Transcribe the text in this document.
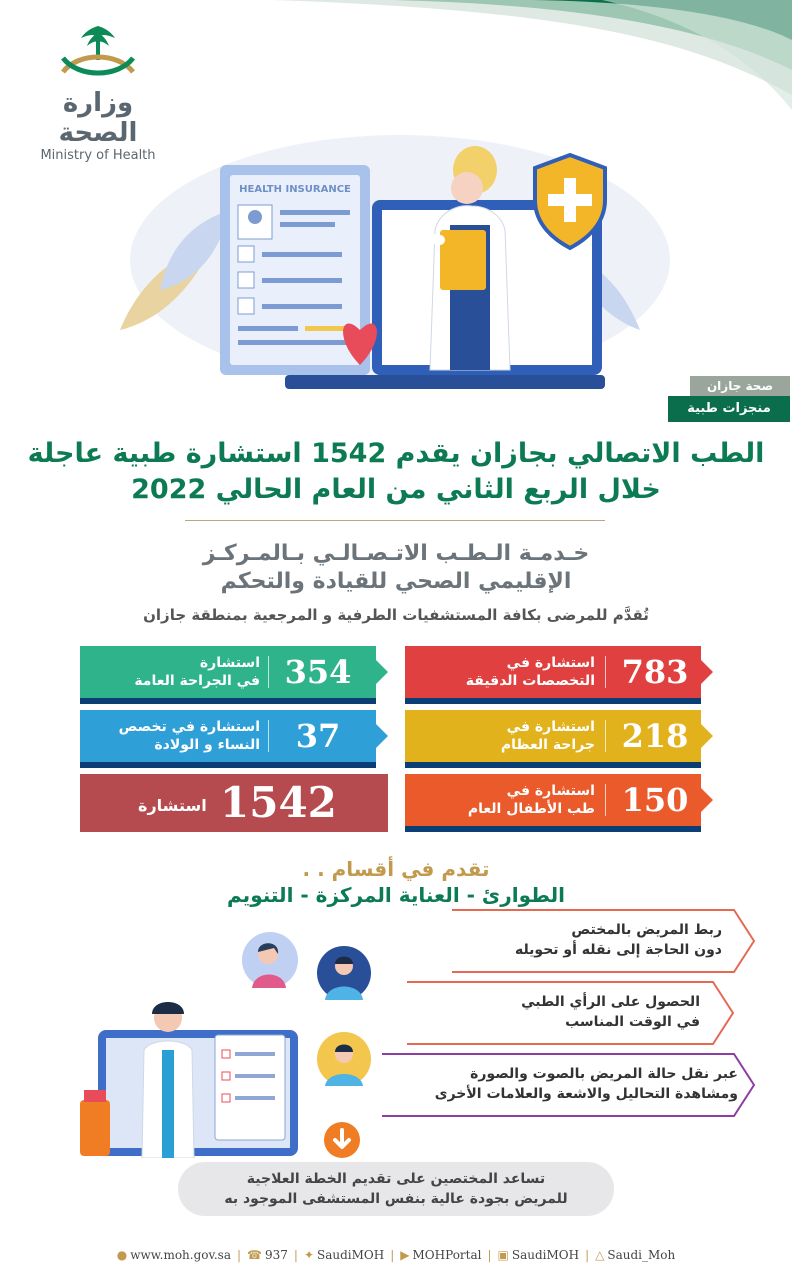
وزارة الصحة
Ministry of Health
HEALTH INSURANCE
صحة جازان
منجزات طبية
الطب الاتصالي بجازان يقدم 1542 استشارة طبية عاجلة
خلال الربع الثاني من العام الحالي 2022
خـدمـة الـطـب الاتـصـالـي بـالمـركـز
الإقليمي الصحي للقيادة والتحكم
تُقدَّم للمرضى بكافة المستشفيات الطرفية و المرجعية بمنطقة جازان
783
استشارة في
التخصصات الدقيقة
218
استشارة في
جراحة العظام
150
استشارة في
طب الأطفال العام
354
استشارة
في الجراحة العامة
37
استشارة في تخصص
النساء و الولادة
1542
استشارة
تقدم في أقسام . .
الطوارئ - العناية المركزة - التنويم
ربط المريض بالمختص
دون الحاجة إلى نقله أو تحويله
الحصول على الرأي الطبي
في الوقت المناسب
عبر نقل حالة المريض بالصوت والصورة
ومشاهدة التحاليل والاشعة والعلامات الأخرى
تساعد المختصين على تقديم الخطة العلاجية
للمريض بجودة عالية بنفس المستشفى الموجود به
● www.moh.gov.sa | ☎ 937 | ✦ SaudiMOH | ▶ MOHPortal | ▣ SaudiMOH | △ Saudi_Moh
